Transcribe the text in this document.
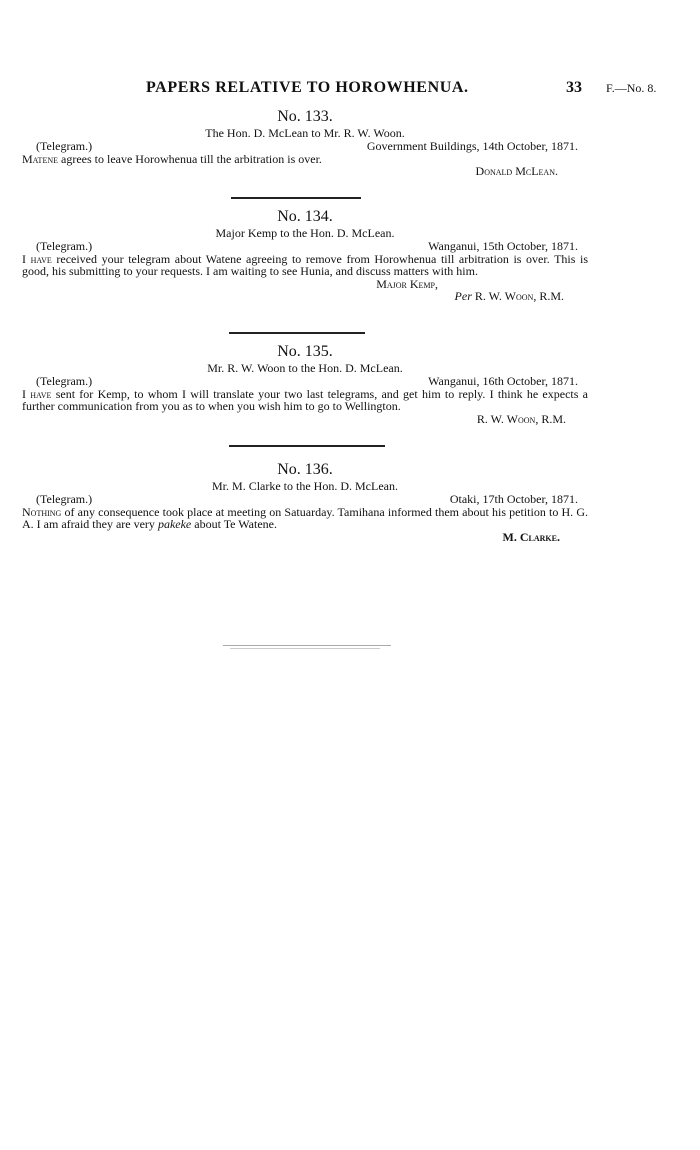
PAPERS RELATIVE TO HOROWHENUA.	33 F.—No. 8.
No. 133.
The Hon. D. McLean to Mr. R. W. Woon.
(Telegram.)	Government Buildings, 14th October, 1871.
Matene agrees to leave Horowhenua till the arbitration is over.
Donald McLean.
No. 134.
Major Kemp to the Hon. D. McLean.
(Telegram.)	Wanganui, 15th October, 1871.
I have received your telegram about Watene agreeing to remove from Horowhenua till arbitration is over. This is good, his submitting to your requests. I am waiting to see Hunia, and discuss matters with him.
Major Kemp,
Per R. W. Woon, R.M.
No. 135.
Mr. R. W. Woon to the Hon. D. McLean.
(Telegram.)	Wanganui, 16th October, 1871.
I have sent for Kemp, to whom I will translate your two last telegrams, and get him to reply. I think he expects a further communication from you as to when you wish him to go to Wellington.
R. W. Woon, R.M.
No. 136.
Mr. M. Clarke to the Hon. D. McLean.
(Telegram.)	Otaki, 17th October, 1871.
Nothing of any consequence took place at meeting on Satuarday. Tamihana informed them about his petition to H. G. A. I am afraid they are very pakeke about Te Watene.
M. Clarke.
